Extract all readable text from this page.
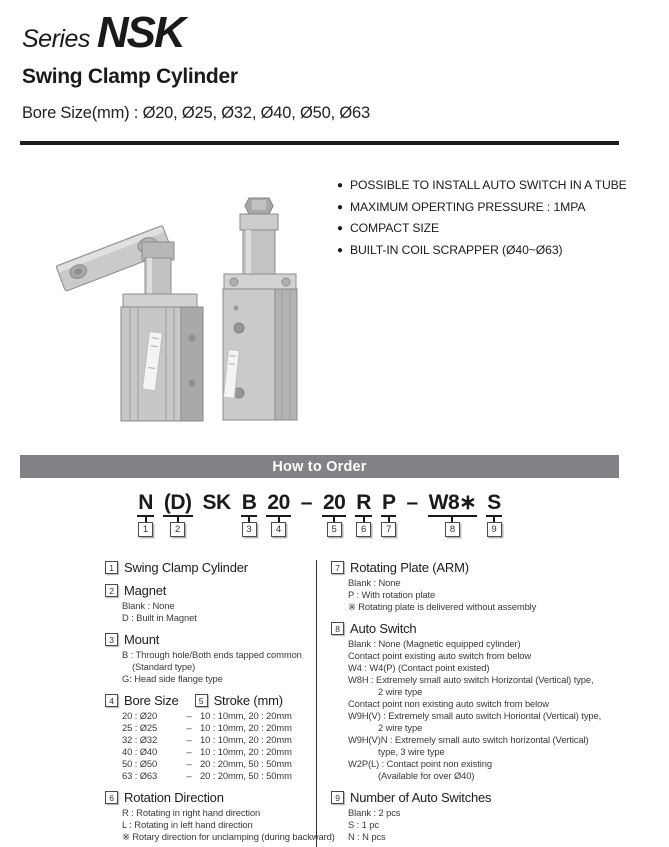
Series NSK
Swing Clamp Cylinder
Bore Size(mm) : Ø20, Ø25, Ø32, Ø40, Ø50, Ø63
● POSSIBLE TO INSTALL AUTO SWITCH IN A TUBE
● MAXIMUM OPERTING PRESSURE : 1MPA
● COMPACT SIZE
● BUILT-IN COIL SCRAPPER (Ø40~Ø63)
How to Order
N
1
(D)
2
SK B
3
20
4
– 20
5
R
6
P
7
– W8∗
8
S
9
1 Swing Clamp Cylinder
2 Magnet
Blank : None
D : Built in Magnet
3 Mount
B : Through hole/Both ends tapped common
(Standard type)
G: Head side flange type
4 Bore Size	5 Stroke (mm)
20 : Ø20	– 10 : 10mm, 20 : 20mm
25 : Ø25	– 10 : 10mm, 20 : 20mm
32 : Ø32	– 10 : 10mm, 20 : 20mm
40 : Ø40	– 10 : 10mm, 20 : 20mm
50 : Ø50	– 20 : 20mm, 50 : 50mm
63 : Ø63	– 20 : 20mm, 50 : 50mm
6 Rotation Direction
R : Rotating in right hand direction
L : Rotating in left hand direction
※ Rotary direction for unclamping (during backward)
7 Rotating Plate (ARM)
Blank : None
P : With rotation plate
※ Rotating plate is delivered without assembly
8 Auto Switch
Blank : None (Magnetic equipped cylinder)
Contact point existing auto switch from below
W4 : W4(P) (Contact point existed)
W8H : Extremely small auto switch Horizontal (Vertical) type,
2 wire type
Contact point non existing auto switch from below
W9H(V) : Extremely small auto switch Horiontal (Vertical) type,
2 wire type
W9H(V)N : Extremely small auto switch horizontal (Vertical)
type, 3 wire type
W2P(L) : Contact point non existing
(Available for over Ø40)
9 Number of Auto Switches
Blank : 2 pcs
S : 1 pc
N : N pcs
